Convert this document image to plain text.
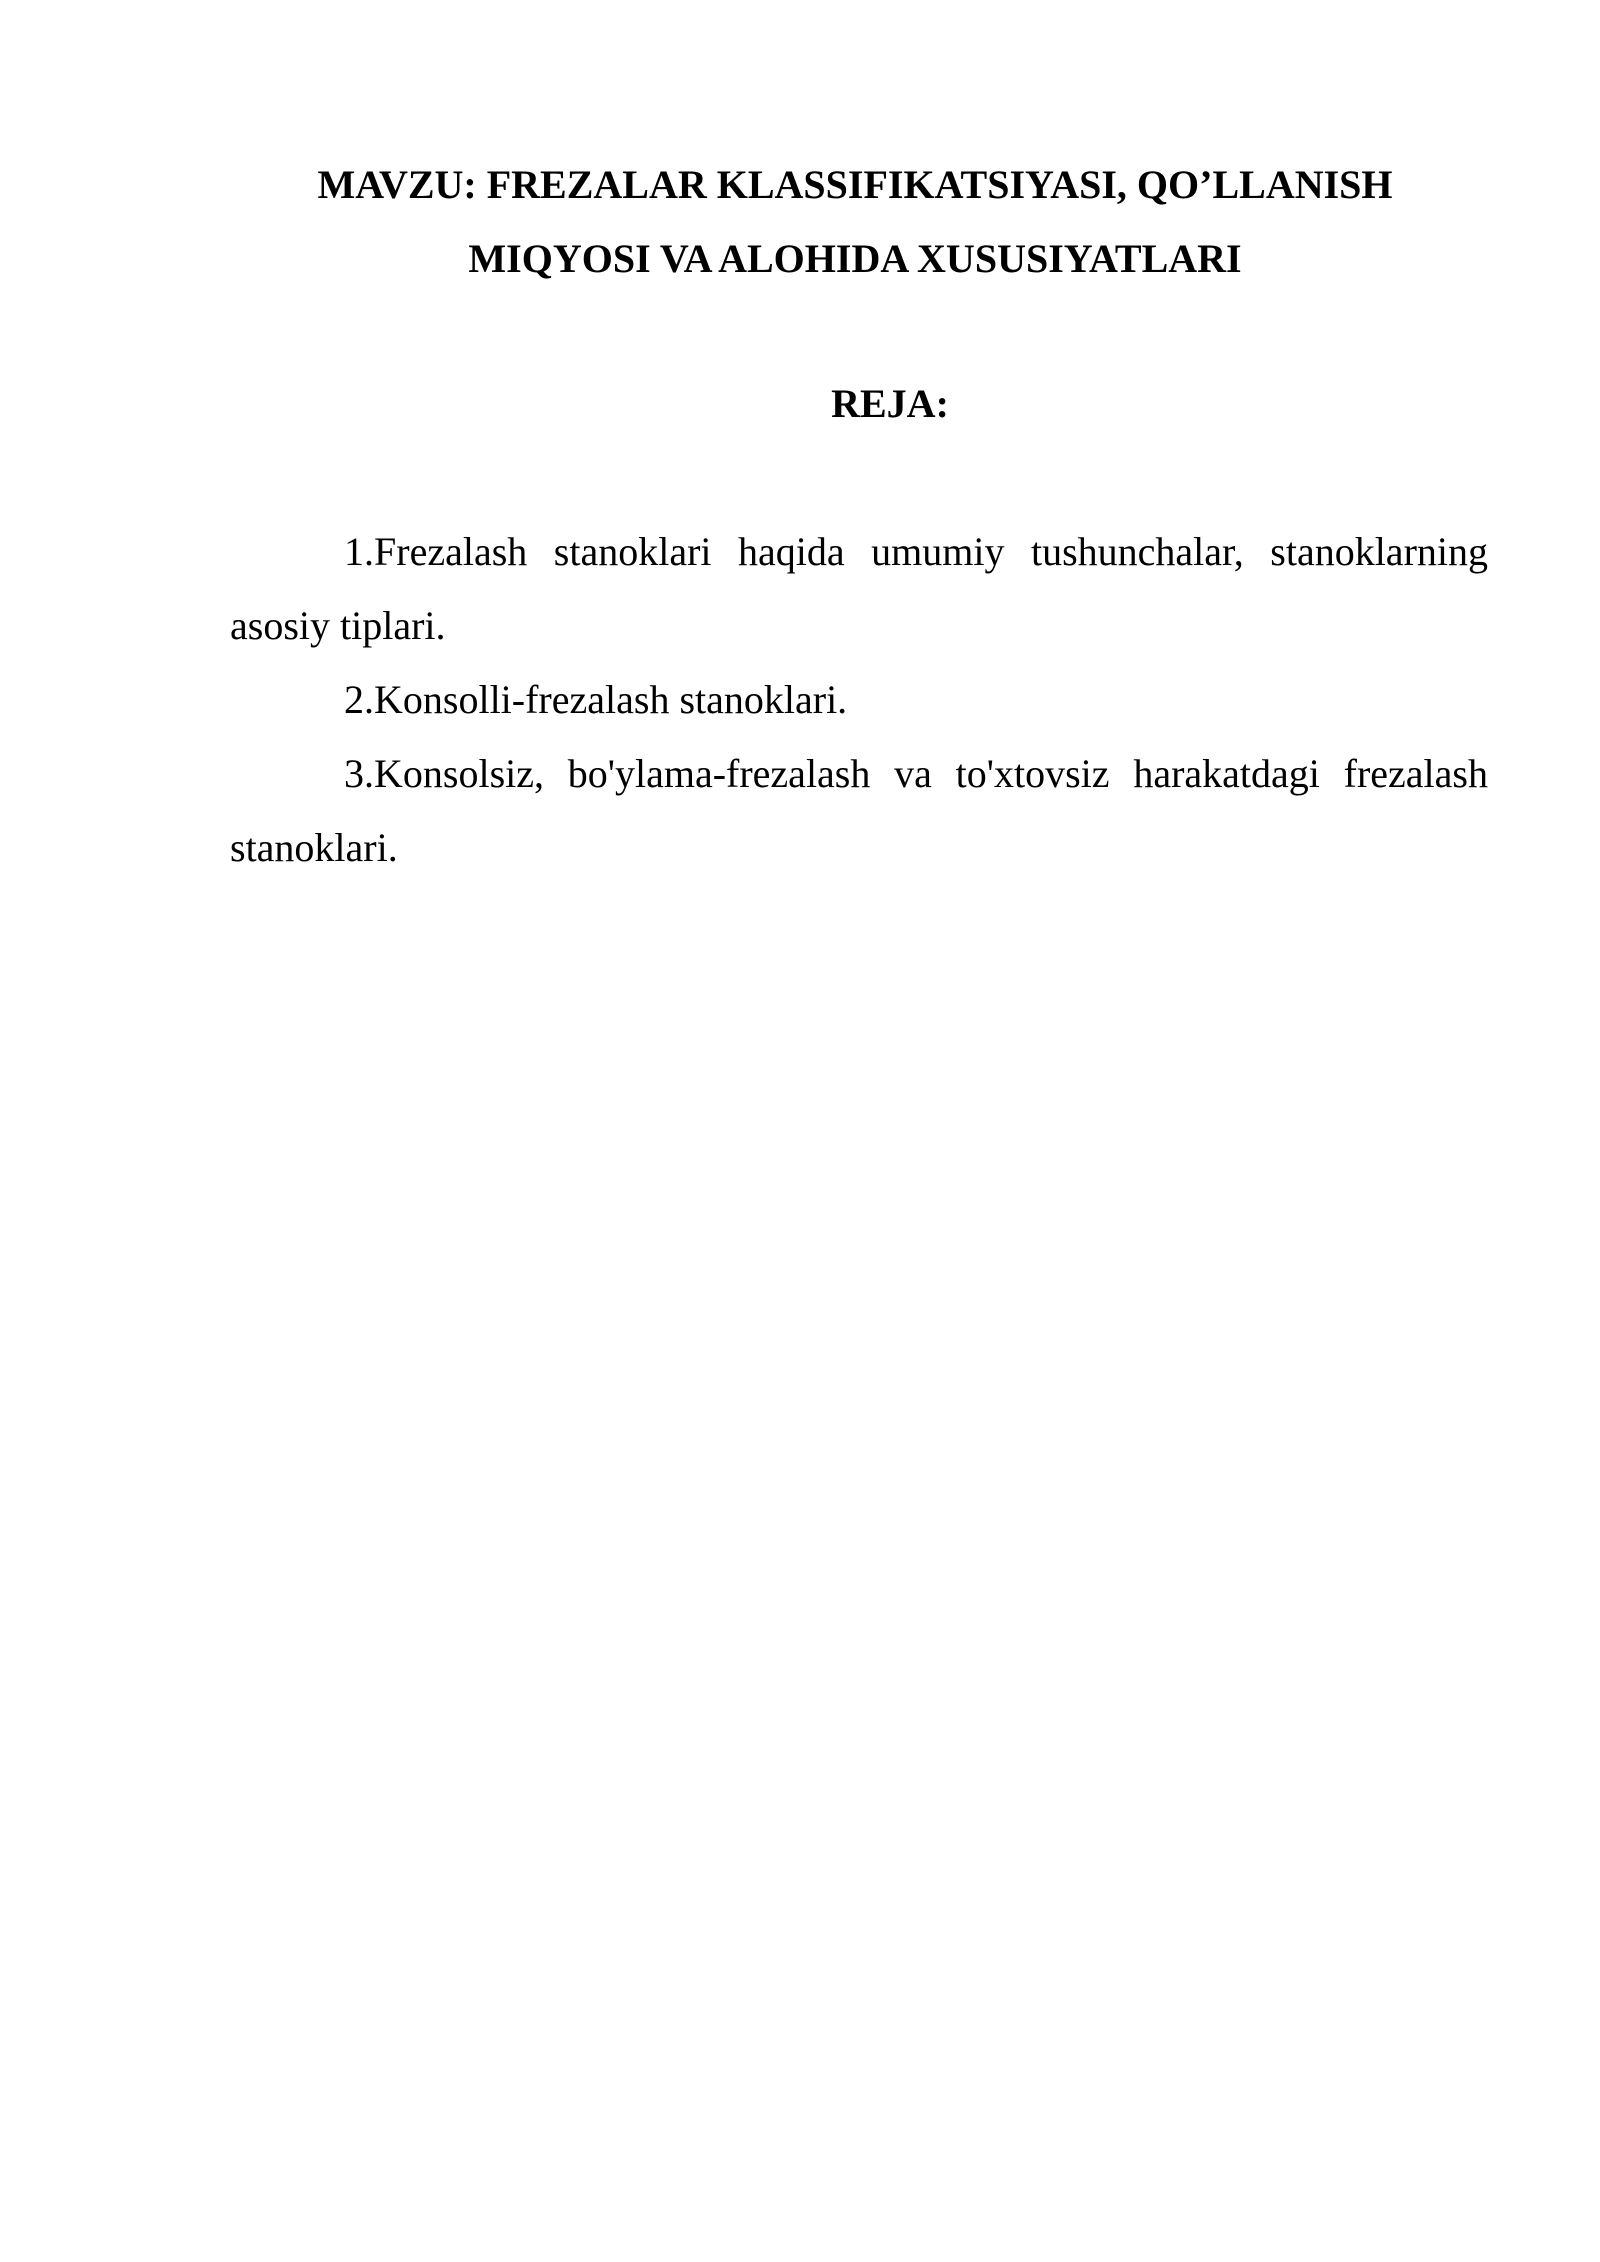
MAVZU: FREZALAR KLASSIFIKATSIYASI, QO’LLANISH
MIQYOSI VA ALOHIDA XUSUSIYATLARI
REJA:
1.Frezalash stanoklari haqida umumiy tushunchalar, stanoklarning asosiy tiplari.
2.Konsolli-frezalash stanoklari.
3.Konsolsiz, bo'ylama-frezalash va to'xtovsiz harakatdagi frezalash stanoklari.
